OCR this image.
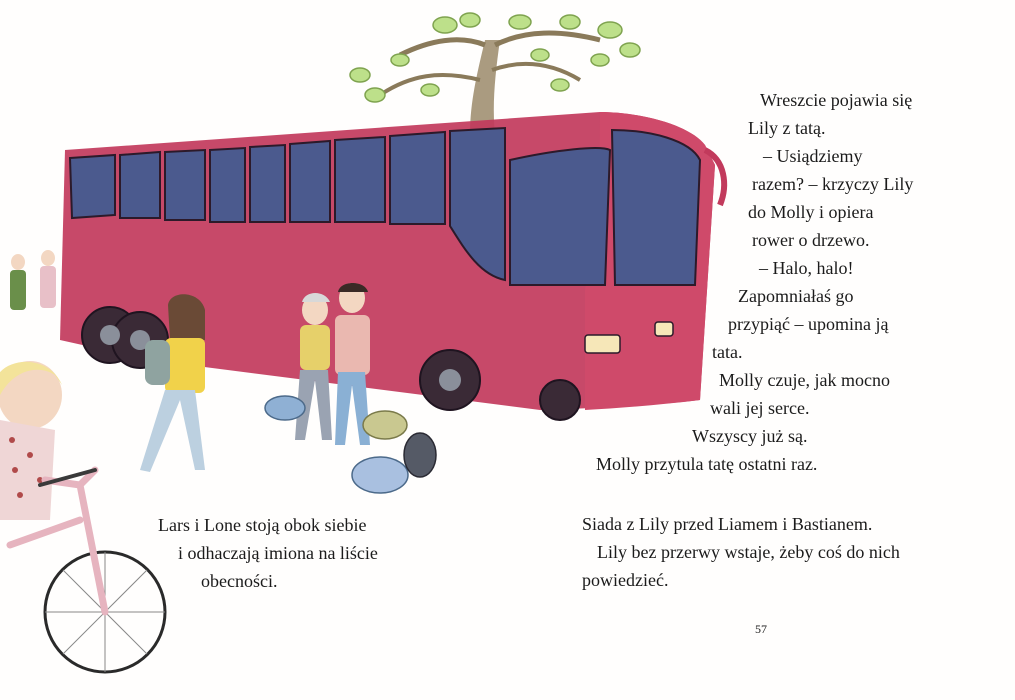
Wreszcie pojawia się
Lily z tatą.
– Usiądziemy
razem? – krzyczy Lily
do Molly i opiera
rower o drzewo.
– Halo, halo!
Zapomniałaś go
przypiąć – upomina ją
tata.
Molly czuje, jak mocno
wali jej serce.
Wszyscy już są.
Molly przytula tatę ostatni raz.
Siada z Lily przed Liamem i Bastianem.
Lily bez przerwy wstaje, żeby coś do nich
powiedzieć.
Lars i Lone stoją obok siebie
i odhaczają imiona na liście
obecności.
57
